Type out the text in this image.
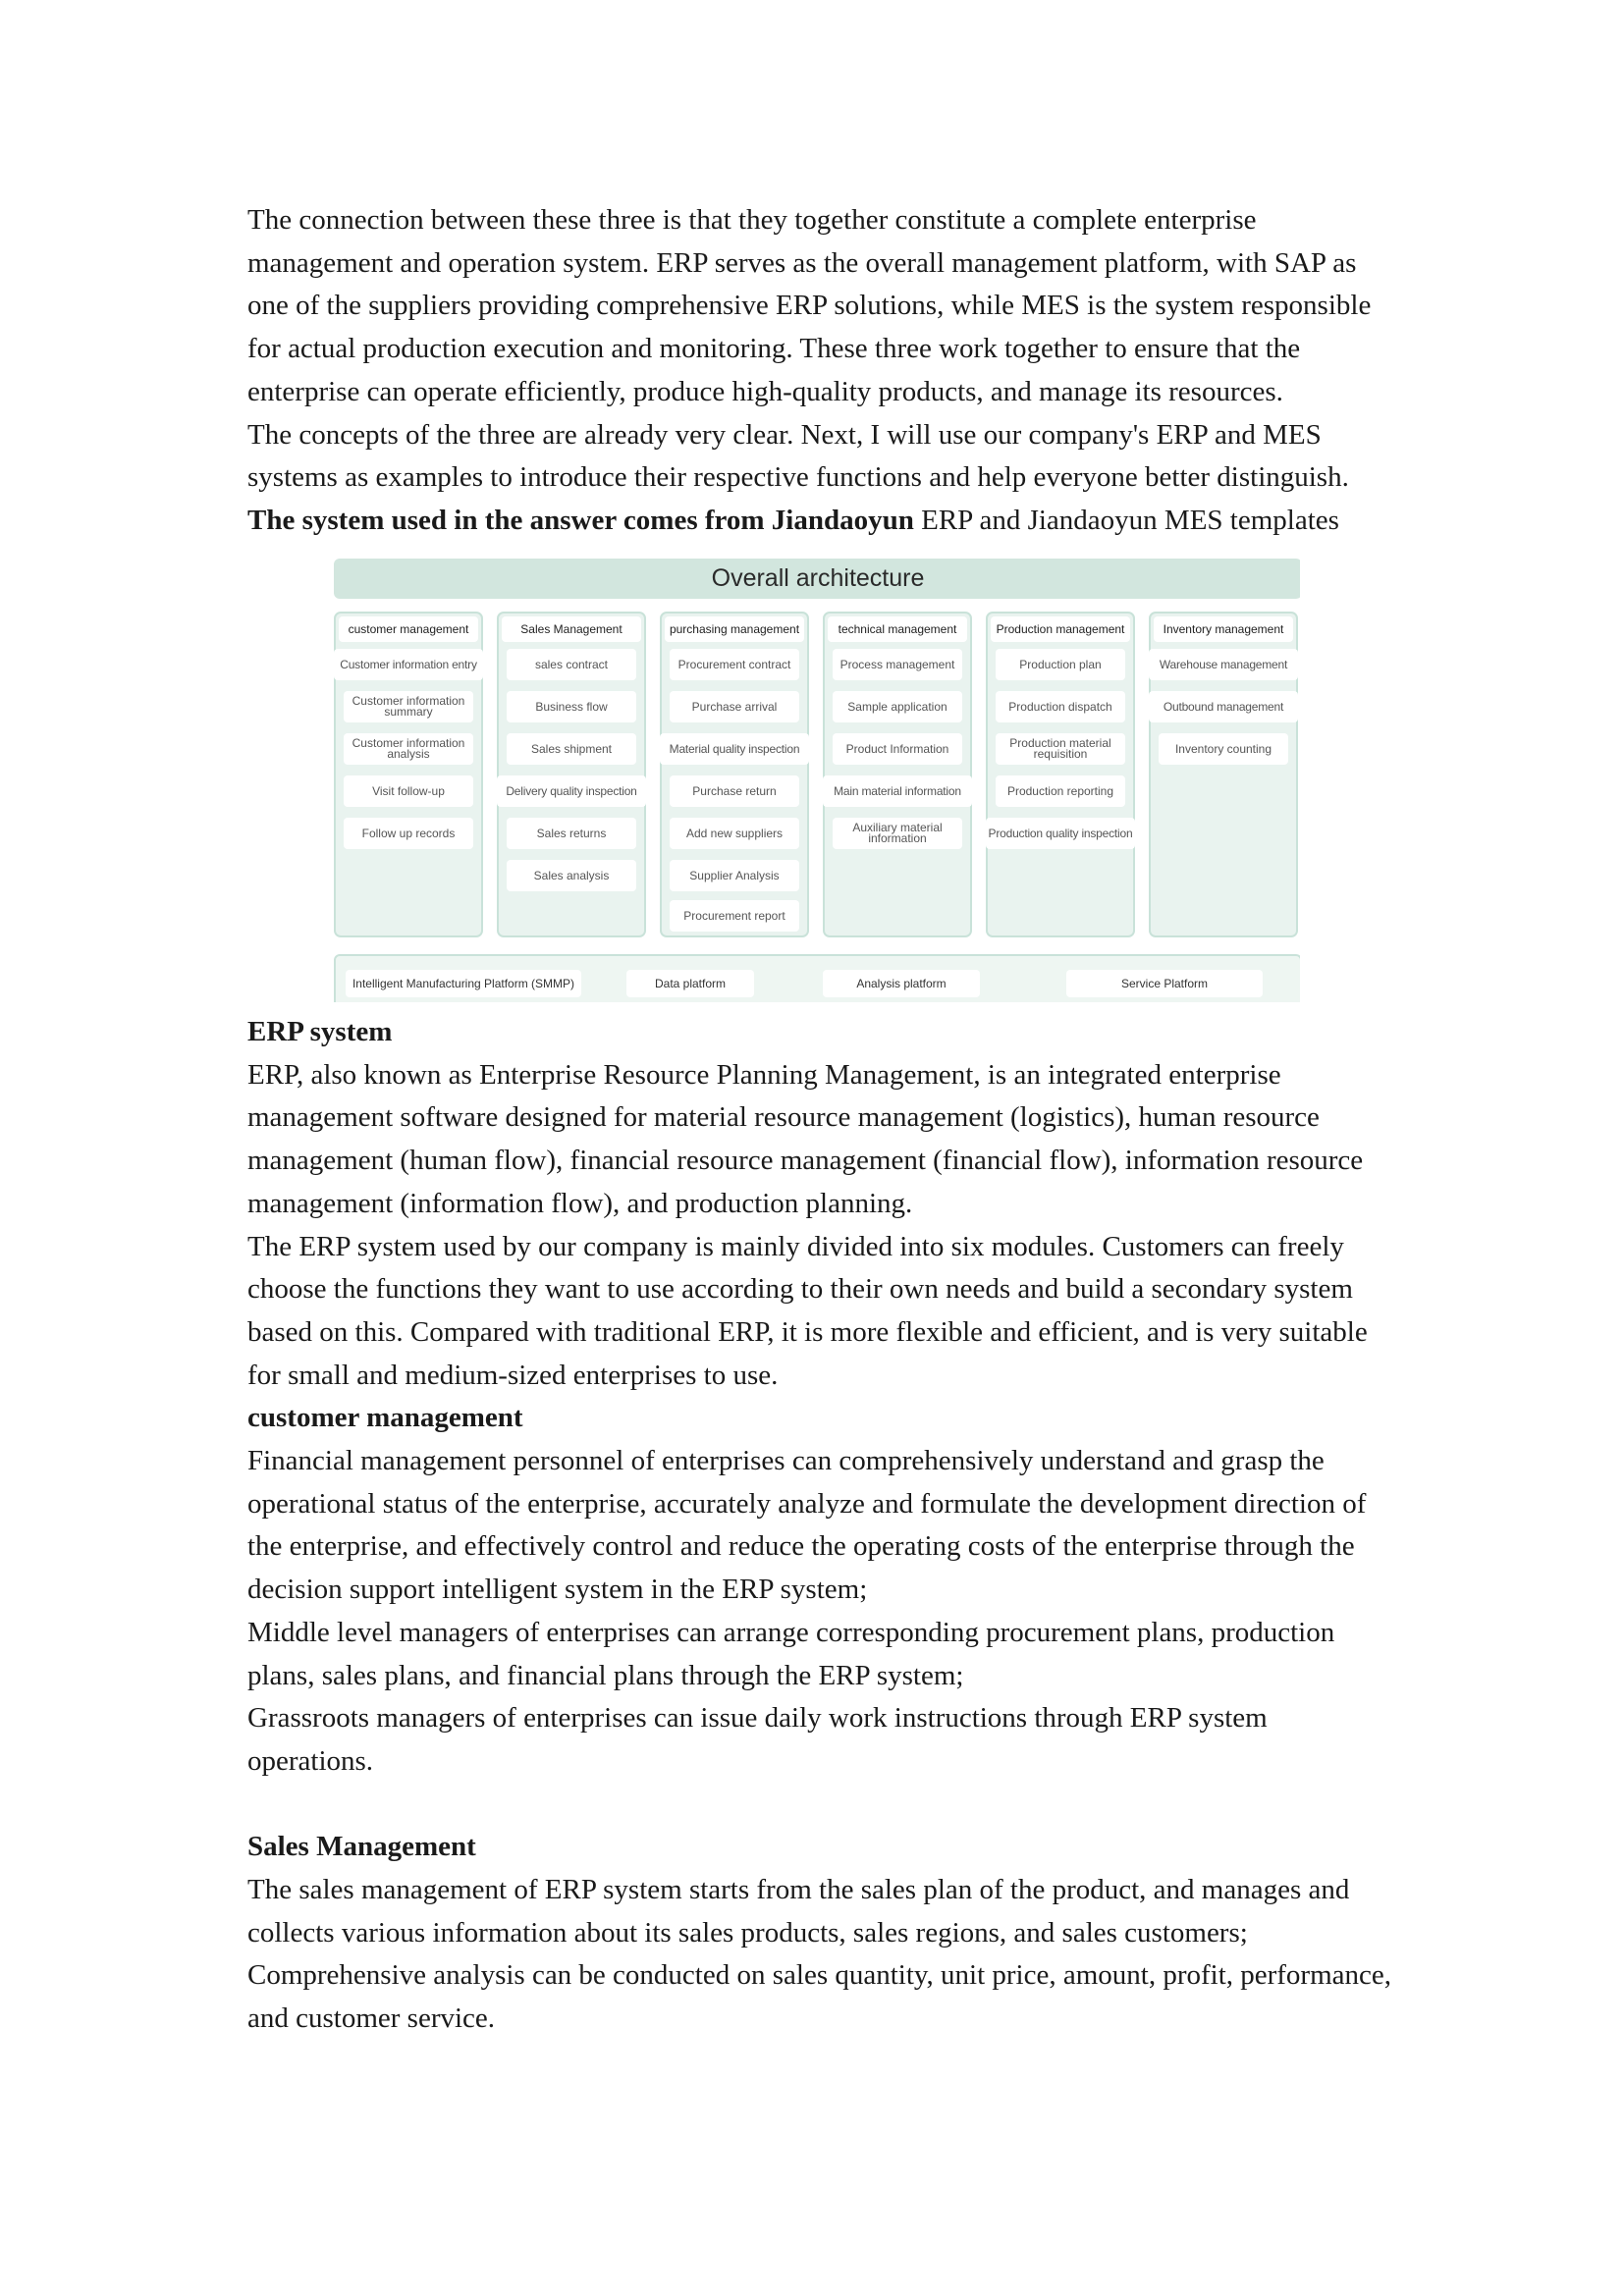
The connection between these three is that they together constitute a complete enterprise management and operation system. ERP serves as the overall management platform, with SAP as one of the suppliers providing comprehensive ERP solutions, while MES is the system responsible for actual production execution and monitoring. These three work together to ensure that the enterprise can operate efficiently, produce high-quality products, and manage its resources.

The concepts of the three are already very clear. Next, I will use our company's ERP and MES systems as examples to introduce their respective functions and help everyone better distinguish.

The system used in the answer comes from Jiandaoyun ERP and Jiandaoyun MES templates

Overall architecture
customer management
Customer information entry
Customer information summary
Customer information analysis
Visit follow-up
Follow up records
Sales Management
sales contract
Business flow
Sales shipment
Delivery quality inspection
Sales returns
Sales analysis
purchasing management
Procurement contract
Purchase arrival
Material quality inspection
Purchase return
Add new suppliers
Supplier Analysis
Procurement report
technical management
Process management
Sample application
Product Information
Main material information
Auxiliary material information
Production management
Production plan
Production dispatch
Production material requisition
Production reporting
Production quality inspection
Inventory management
Warehouse management
Outbound management
Inventory counting
Intelligent Manufacturing Platform (SMMP)	Data platform	Analysis platform	Service Platform

ERP system

ERP, also known as Enterprise Resource Planning Management, is an integrated enterprise management software designed for material resource management (logistics), human resource management (human flow), financial resource management (financial flow), information resource management (information flow), and production planning.

The ERP system used by our company is mainly divided into six modules. Customers can freely choose the functions they want to use according to their own needs and build a secondary system based on this. Compared with traditional ERP, it is more flexible and efficient, and is very suitable for small and medium-sized enterprises to use.

customer management

Financial management personnel of enterprises can comprehensively understand and grasp the operational status of the enterprise, accurately analyze and formulate the development direction of the enterprise, and effectively control and reduce the operating costs of the enterprise through the decision support intelligent system in the ERP system;

Middle level managers of enterprises can arrange corresponding procurement plans, production plans, sales plans, and financial plans through the ERP system;

Grassroots managers of enterprises can issue daily work instructions through ERP system operations.

Sales Management

The sales management of ERP system starts from the sales plan of the product, and manages and collects various information about its sales products, sales regions, and sales customers;

Comprehensive analysis can be conducted on sales quantity, unit price, amount, profit, performance, and customer service.
